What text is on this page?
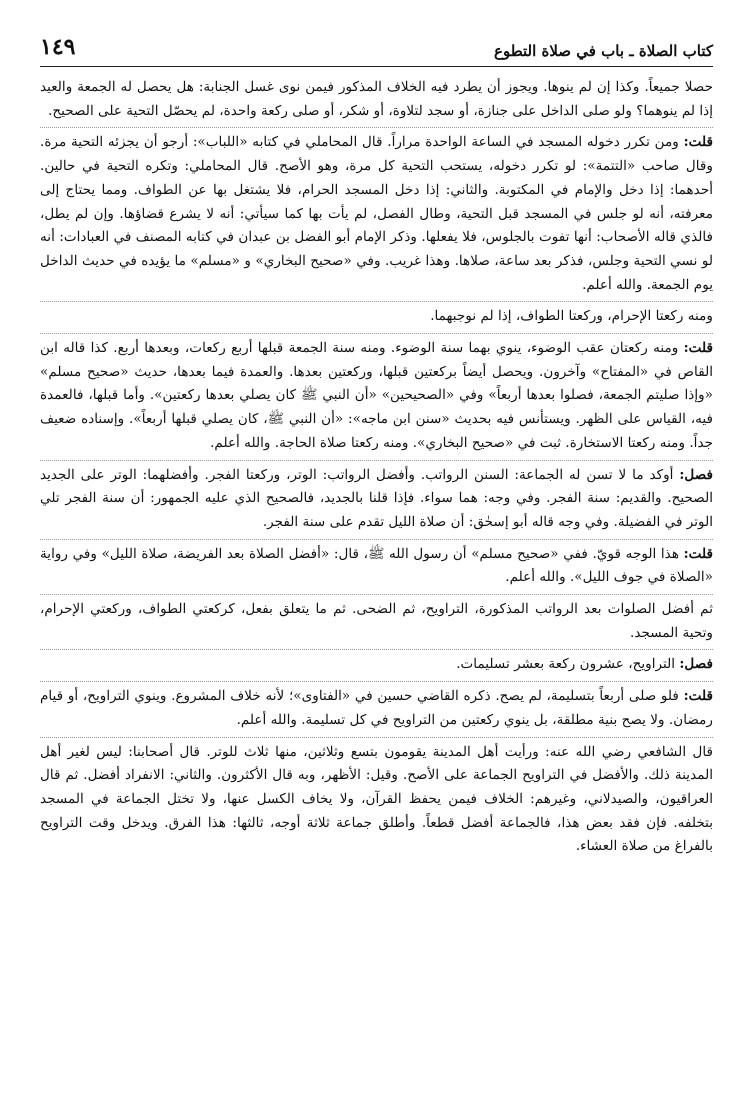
١٤٩	كتاب الصلاة ـ باب في صلاة التطوع

حصلا جميعاً. وكذا إن لم ينوها. ويجوز أن يطرد فيه الخلاف المذكور فيمن نوى غسل الجنابة: هل يحصل له الجمعة والعيد إذا لم ينوهما؟ ولو صلى الداخل على جنازة، أو سجد لتلاوة، أو شكر، أو صلى ركعة واحدة، لم يحصّل التحية على الصحيح.

قلت: ومن تكرر دخوله المسجد في الساعة الواحدة مراراً. قال المحاملي في كتابه «اللباب»: أرجو أن يجزئه التحية مرة. وقال صاحب «التتمة»: لو تكرر دخوله، يستحب التحية كل مرة، وهو الأصح. قال المحاملي: وتكره التحية في حالين. أحدهما: إذا دخل والإمام في المكتوبة. والثاني: إذا دخل المسجد الحرام، فلا يشتغل بها عن الطواف. ومما يحتاج إلى معرفته، أنه لو جلس في المسجد قبل التحية، وطال الفصل، لم يأت بها كما سيأتي: أنه لا يشرع قضاؤها. وإن لم يطل، فالذي قاله الأصحاب: أنها تفوت بالجلوس، فلا يفعلها. وذكر الإمام أبو الفضل بن عبدان في كتابه المصنف في العبادات: أنه لو نسي التحية وجلس، فذكر بعد ساعة، صلاها. وهذا غريب. وفي «صحيح البخاري» و «مسلم» ما يؤيده في حديث الداخل يوم الجمعة. والله أعلم.

ومنه ركعتا الإحرام، وركعتا الطواف، إذا لم نوجبهما.

قلت: ومنه ركعتان عقب الوضوء، ينوي بهما سنة الوضوء. ومنه سنة الجمعة قبلها أربع ركعات، وبعدها أربع. كذا قاله ابن القاص في «المفتاح» وآخرون. ويحصل أيضاً بركعتين قبلها، وركعتين بعدها. والعمدة فيما بعدها، حديث «صحيح مسلم» «وإذا صليتم الجمعة، فصلوا بعدها أربعاً» وفي «الصحيحين» «أن النبي ﷺ كان يصلي بعدها ركعتين». وأما قبلها، فالعمدة فيه، القياس على الظهر. ويستأنس فيه بحديث «سنن ابن ماجه»: «أن النبي ﷺ، كان يصلي قبلها أربعاً». وإسناده ضعيف جداً. ومنه ركعتا الاستخارة. ثبت في «صحيح البخاري». ومنه ركعتا صلاة الحاجة. والله أعلم.

فصل: أوكد ما لا تسن له الجماعة: السنن الرواتب. وأفضل الرواتب: الوتر، وركعتا الفجر. وأفضلهما: الوتر على الجديد الصحيح. والقديم: سنة الفجر. وفي وجه: هما سواء. فإذا قلنا بالجديد، فالصحيح الذي عليه الجمهور: أن سنة الفجر تلي الوتر في الفضيلة. وفي وجه قاله أبو إسحٰق: أن صلاة الليل تقدم على سنة الفجر.

قلت: هذا الوجه قويّ. ففي «صحيح مسلم» أن رسول الله ﷺ، قال: «أفضل الصلاة بعد الفريضة، صلاة الليل» وفي رواية «الصلاة في جوف الليل». والله أعلم.

ثم أفضل الصلوات بعد الرواتب المذكورة، التراويح، ثم الضحى. ثم ما يتعلق بفعل، كركعتي الطواف، وركعتي الإحرام، وتحية المسجد.

فصل: التراويح، عشرون ركعة بعشر تسليمات.

قلت: فلو صلى أربعاً بتسليمة، لم يصح. ذكره القاضي حسين في «الفتاوى»؛ لأنه خلاف المشروع. وينوي التراويح، أو قيام رمضان. ولا يصح بنية مطلقة، بل ينوي ركعتين من التراويح في كل تسليمة. والله أعلم.

قال الشافعي رضي الله عنه: ورأيت أهل المدينة يقومون بتسع وثلاثين، منها ثلاث للوتر. قال أصحابنا: ليس لغير أهل المدينة ذلك. والأفضل في التراويح الجماعة على الأصح. وقيل: الأظهر، وبه قال الأكثرون. والثاني: الانفراد أفضل. ثم قال العراقيون، والصيدلاني، وغيرهم: الخلاف فيمن يحفظ القرآن، ولا يخاف الكسل عنها، ولا تختل الجماعة في المسجد بتخلفه. فإن فقد بعض هذا، فالجماعة أفضل قطعاً. وأطلق جماعة ثلاثة أوجه، ثالثها: هذا الفرق. ويدخل وقت التراويح بالفراغ من صلاة العشاء.
